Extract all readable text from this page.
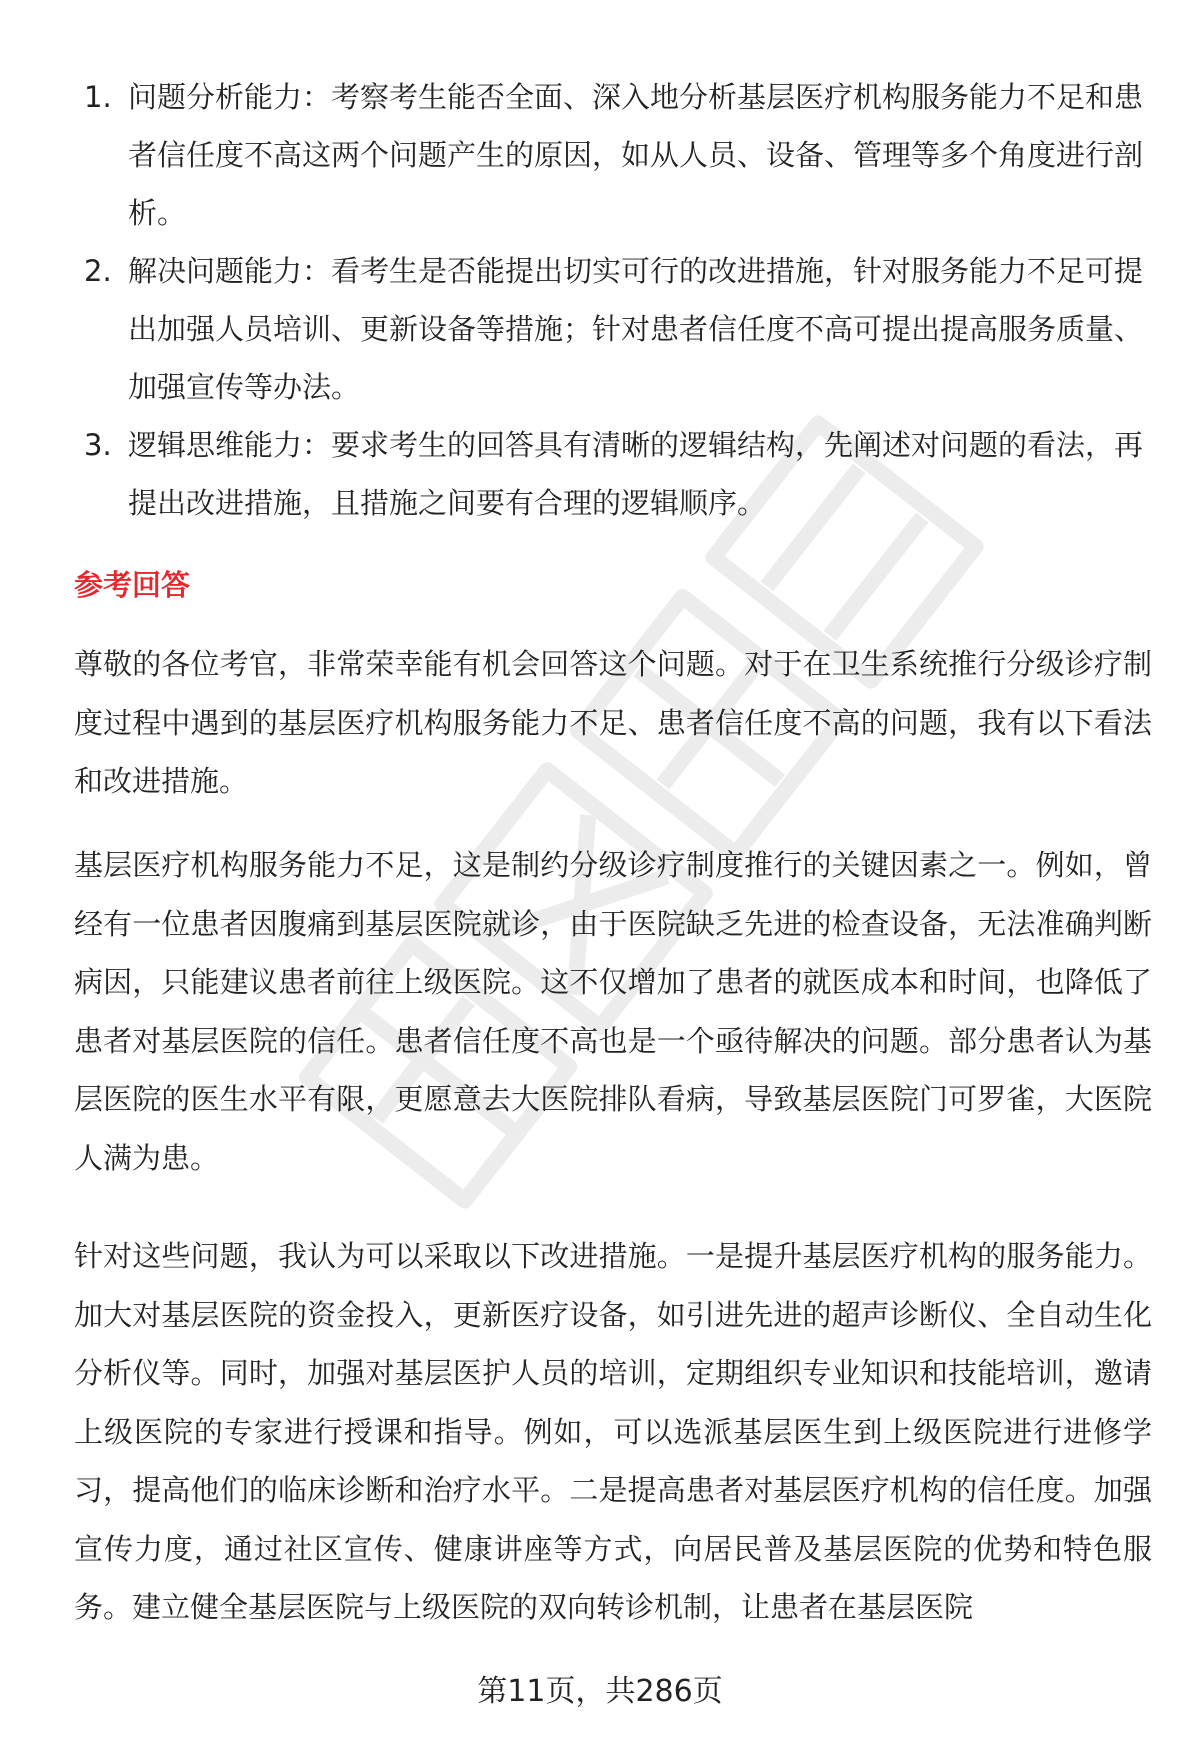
1. 问题分析能力：考察考生能否全面、深入地分析基层医疗机构服务能力不足和患者信任度不高这两个问题产生的原因，如从人员、设备、管理等多个角度进行剖析。
2. 解决问题能力：看考生是否能提出切实可行的改进措施，针对服务能力不足可提出加强人员培训、更新设备等措施；针对患者信任度不高可提出提高服务质量、加强宣传等办法。
3. 逻辑思维能力：要求考生的回答具有清晰的逻辑结构，先阐述对问题的看法，再提出改进措施，且措施之间要有合理的逻辑顺序。
参考回答

尊敬的各位考官，非常荣幸能有机会回答这个问题。对于在卫生系统推行分级诊疗制度过程中遇到的基层医疗机构服务能力不足、患者信任度不高的问题，我有以下看法和改进措施。

基层医疗机构服务能力不足，这是制约分级诊疗制度推行的关键因素之一。例如，曾经有一位患者因腹痛到基层医院就诊，由于医院缺乏先进的检查设备，无法准确判断病因，只能建议患者前往上级医院。这不仅增加了患者的就医成本和时间，也降低了患者对基层医院的信任。患者信任度不高也是一个亟待解决的问题。部分患者认为基层医院的医生水平有限，更愿意去大医院排队看病，导致基层医院门可罗雀，大医院人满为患。

针对这些问题，我认为可以采取以下改进措施。一是提升基层医疗机构的服务能力。加大对基层医院的资金投入，更新医疗设备，如引进先进的超声诊断仪、全自动生化分析仪等。同时，加强对基层医护人员的培训，定期组织专业知识和技能培训，邀请上级医院的专家进行授课和指导。例如，可以选派基层医生到上级医院进行进修学习，提高他们的临床诊断和治疗水平。二是提高患者对基层医疗机构的信任度。加强宣传力度，通过社区宣传、健康讲座等方式，向居民普及基层医院的优势和特色服务。建立健全基层医院与上级医院的双向转诊机制，让患者在基层医院

第11页，共286页
